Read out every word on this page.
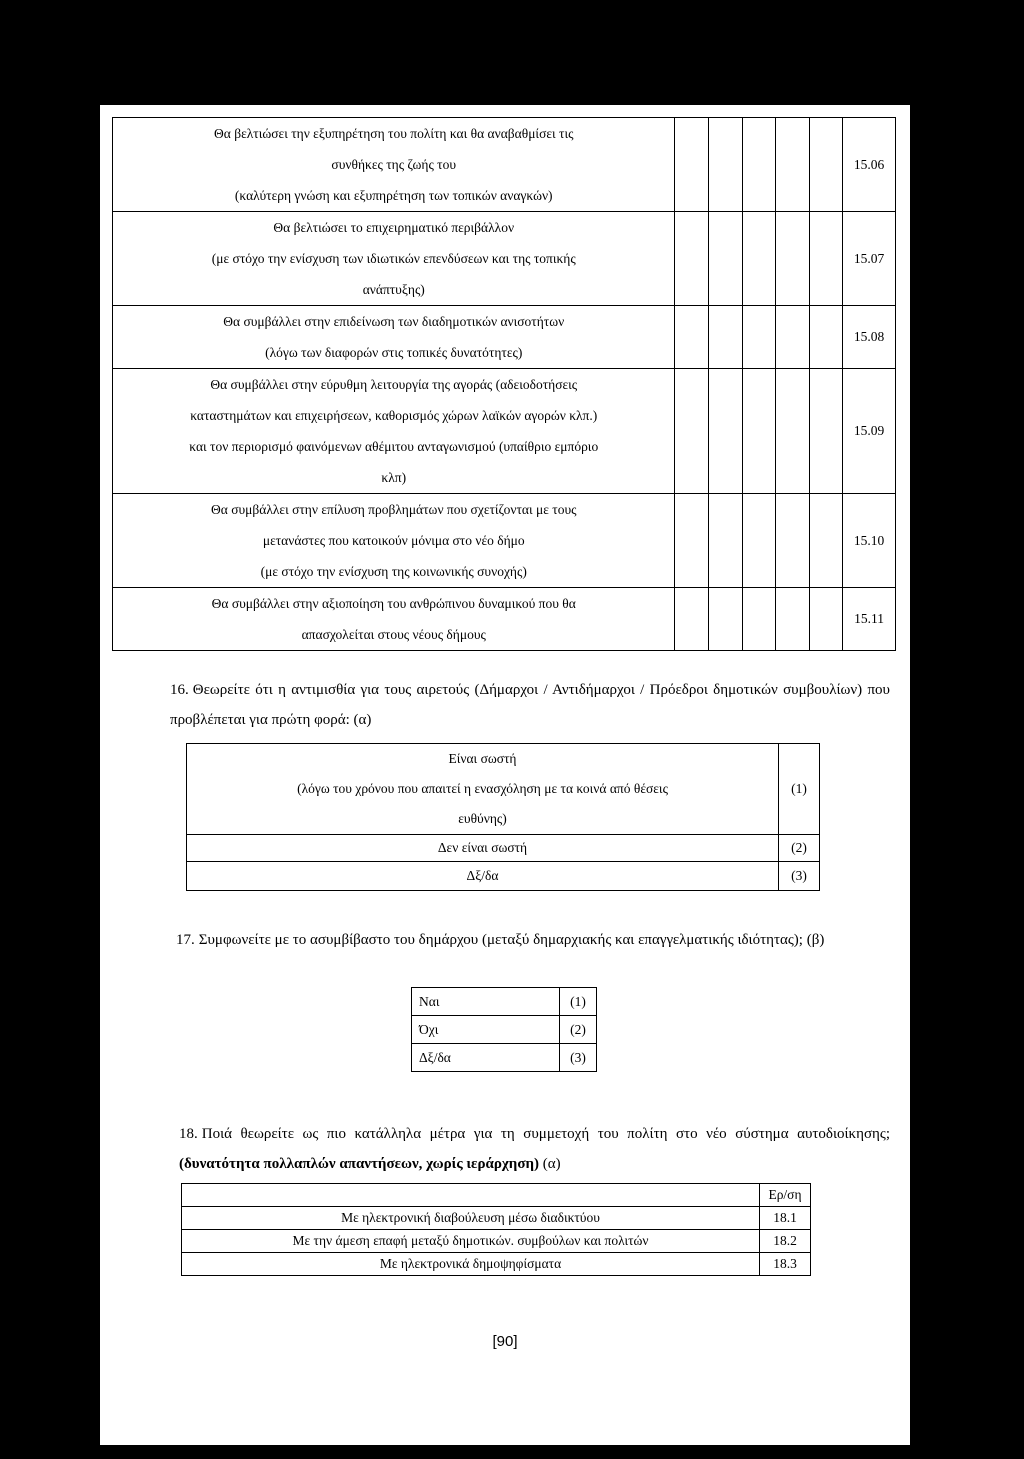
Θα βελτιώσει την εξυπηρέτηση του πολίτη και θα αναβαθμίσει τις
συνθήκες της ζωής του
(καλύτερη γνώση και εξυπηρέτηση των τοπικών αναγκών)						15.06

Θα βελτιώσει το επιχειρηματικό περιβάλλον
(με στόχο την ενίσχυση των ιδιωτικών επενδύσεων και της τοπικής
ανάπτυξης)						15.07

Θα συμβάλλει στην επιδείνωση των διαδημοτικών ανισοτήτων
(λόγω των διαφορών στις τοπικές δυνατότητες)						15.08

Θα συμβάλλει στην εύρυθμη λειτουργία της αγοράς (αδειοδοτήσεις
καταστημάτων και επιχειρήσεων, καθορισμός χώρων λαϊκών αγορών κλπ.)
και τον περιορισμό φαινόμενων αθέμιτου ανταγωνισμού (υπαίθριο εμπόριο
κλπ)						15.09

Θα συμβάλλει στην επίλυση προβλημάτων που σχετίζονται με τους
μετανάστες που κατοικούν μόνιμα στο νέο δήμο
(με στόχο την ενίσχυση της κοινωνικής συνοχής)						15.10

Θα συμβάλλει στην αξιοποίηση του ανθρώπινου δυναμικού που θα
απασχολείται στους νέους δήμους						15.11
16. Θεωρείτε ότι η αντιμισθία για τους αιρετούς (Δήμαρχοι / Αντιδήμαρχοι / Πρόεδροι δημοτικών συμβουλίων) που προβλέπεται για πρώτη φορά: (α)
Είναι σωστή
(λόγω του χρόνου που απαιτεί η ενασχόληση με τα κοινά από θέσεις
ευθύνης)	(1)
Δεν είναι σωστή	(2)
Δξ/δα	(3)
17. Συμφωνείτε με το ασυμβίβαστο του δημάρχου (μεταξύ δημαρχιακής και επαγγελματικής ιδιότητας); (β)
Ναι	(1)
Όχι	(2)
Δξ/δα	(3)
18. Ποιά θεωρείτε ως πιο κατάλληλα μέτρα για τη συμμετοχή του πολίτη στο νέο σύστημα αυτοδιοίκησης; (δυνατότητα πολλαπλών απαντήσεων, χωρίς ιεράρχηση) (α)
	Ερ/ση
Με ηλεκτρονική διαβούλευση μέσω διαδικτύου	18.1
Με την άμεση επαφή μεταξύ δημοτικών. συμβούλων και πολιτών	18.2
Με ηλεκτρονικά δημοψηφίσματα	18.3
[90]
